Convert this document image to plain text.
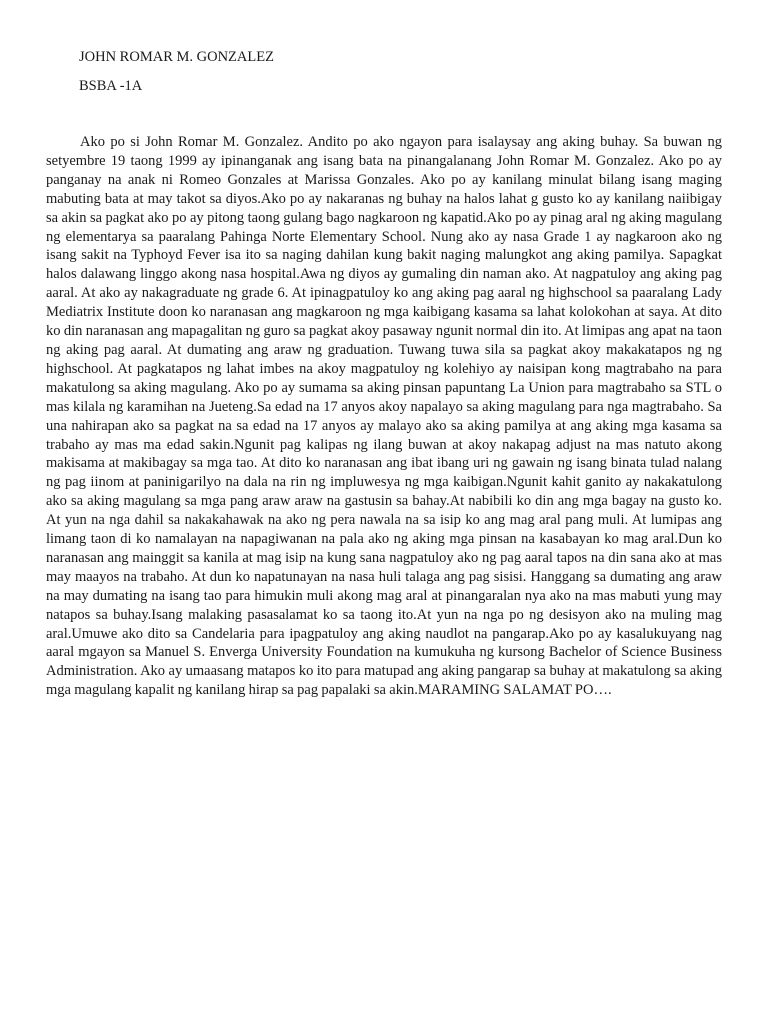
JOHN ROMAR M. GONZALEZ

BSBA -1A

Ako po si John Romar M. Gonzalez. Andito po ako ngayon para isalaysay ang aking buhay. Sa buwan ng setyembre 19 taong 1999 ay ipinanganak ang isang bata na pinangalanang John Romar M. Gonzalez. Ako po ay panganay na anak ni Romeo Gonzales at Marissa Gonzales. Ako po ay kanilang minulat bilang isang maging mabuting bata at may takot sa diyos.Ako po ay nakaranas ng buhay na halos lahat g gusto ko ay kanilang naiibigay sa akin sa pagkat ako po ay pitong taong gulang bago nagkaroon ng kapatid.Ako po ay pinag aral ng aking magulang ng elementarya sa paaralang Pahinga Norte Elementary School. Nung ako ay nasa Grade 1 ay nagkaroon ako ng isang sakit na Typhoyd Fever isa ito sa naging dahilan kung bakit naging malungkot ang aking pamilya. Sapagkat halos dalawang linggo akong nasa hospital.Awa ng diyos ay gumaling din naman ako. At nagpatuloy ang aking pag aaral. At ako ay nakagraduate ng grade 6. At ipinagpatuloy ko ang aking pag aaral ng highschool sa paaralang Lady Mediatrix Institute doon ko naranasan ang magkaroon ng mga kaibigang kasama sa lahat kolokohan at saya. At dito ko din naranasan ang mapagalitan ng guro sa pagkat akoy pasaway ngunit normal din ito. At limipas ang apat na taon ng aking pag aaral. At dumating ang araw ng graduation. Tuwang tuwa sila sa pagkat akoy makakatapos ng ng highschool. At pagkatapos ng lahat imbes na akoy magpatuloy ng kolehiyo ay naisipan kong magtrabaho na para makatulong sa aking magulang. Ako po ay sumama sa aking pinsan papuntang La Union para magtrabaho sa STL o mas kilala ng karamihan na Jueteng.Sa edad na 17 anyos akoy napalayo sa aking magulang para nga magtrabaho. Sa una nahirapan ako sa pagkat na sa edad na 17 anyos ay malayo ako sa aking pamilya at ang aking mga kasama sa trabaho ay mas ma edad sakin.Ngunit pag kalipas ng ilang buwan at akoy nakapag adjust na mas natuto akong makisama at makibagay sa mga tao. At dito ko naranasan ang ibat ibang uri ng gawain ng isang binata tulad nalang ng pag iinom at paninigarilyo na dala na rin ng impluwesya ng mga kaibigan.Ngunit kahit ganito ay nakakatulong ako sa aking magulang sa mga pang araw araw na gastusin sa bahay.At nabibili ko din ang mga bagay na gusto ko. At yun na nga dahil sa nakakahawak na ako ng pera nawala na sa isip ko ang mag aral pang muli. At lumipas ang limang taon di ko namalayan na napagiwanan na pala ako ng aking mga pinsan na kasabayan ko mag aral.Dun ko naranasan ang mainggit sa kanila at mag isip na kung sana nagpatuloy ako ng pag aaral tapos na din sana ako at mas may maayos na trabaho. At dun ko napatunayan na nasa huli talaga ang pag sisisi. Hanggang sa dumating ang araw na may dumating na isang tao para himukin muli akong mag aral at pinangaralan nya ako na mas mabuti yung may natapos sa buhay.Isang malaking pasasalamat ko sa taong ito.At yun na nga po ng desisyon ako na muling mag aral.Umuwe ako dito sa Candelaria para ipagpatuloy ang aking naudlot na pangarap.Ako po ay kasalukuyang nag aaral mgayon sa Manuel S. Enverga University Foundation na kumukuha ng kursong Bachelor of Science Business Administration. Ako ay umaasang matapos ko ito para matupad ang aking pangarap sa buhay at makatulong sa aking mga magulang kapalit ng kanilang hirap sa pag papalaki sa akin.MARAMING SALAMAT PO….
